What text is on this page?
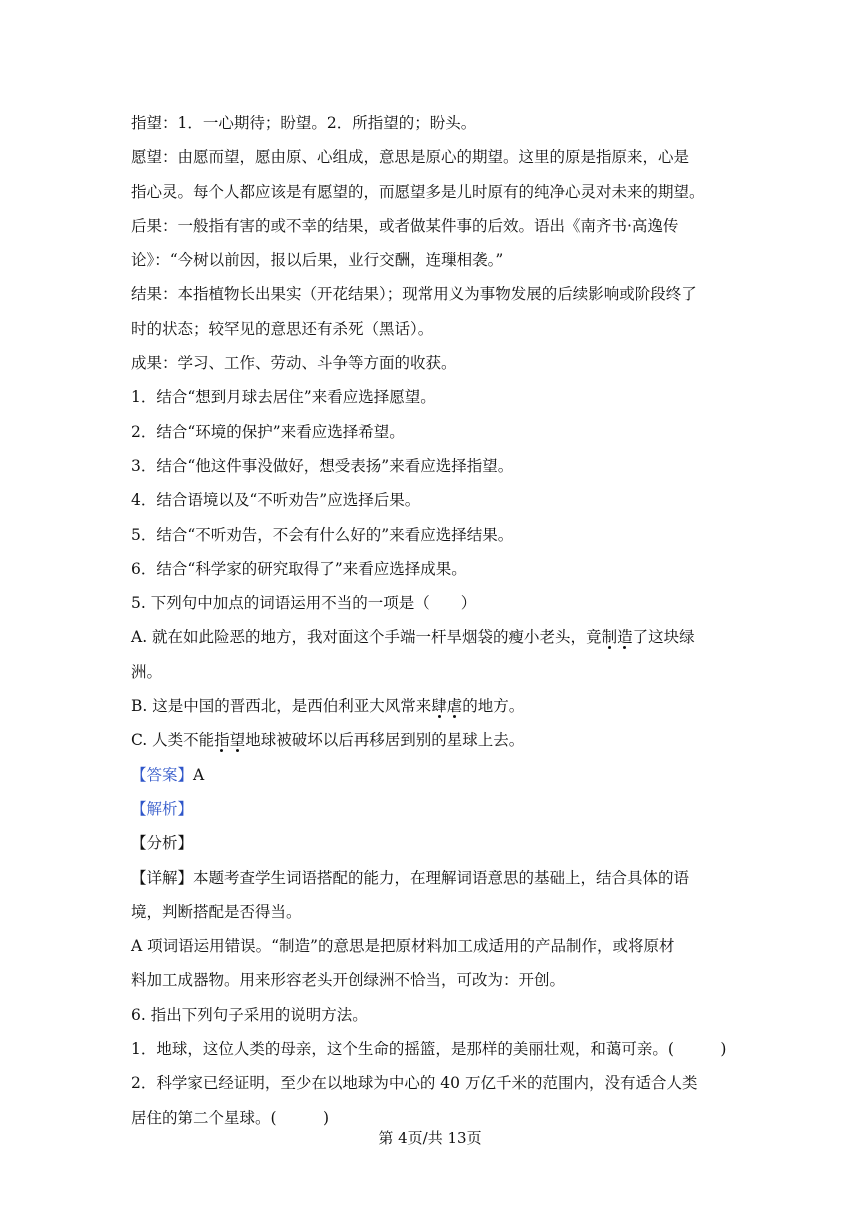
指望：1．一心期待；盼望。2．所指望的；盼头。
愿望：由愿而望，愿由原、心组成，意思是原心的期望。这里的原是指原来，心是
指心灵。每个人都应该是有愿望的，而愿望多是儿时原有的纯净心灵对未来的期望。
后果：一般指有害的或不幸的结果，或者做某件事的后效。语出《南齐书·高逸传
论》：“今树以前因，报以后果，业行交酬，连璅相袭。”
结果：本指植物长出果实（开花结果）；现常用义为事物发展的后续影响或阶段终了
时的状态；较罕见的意思还有杀死（黑话）。
成果：学习、工作、劳动、斗争等方面的收获。
1．结合“想到月球去居住”来看应选择愿望。
2．结合“环境的保护”来看应选择希望。
3．结合“他这件事没做好，想受表扬”来看应选择指望。
4．结合语境以及“不听劝告”应选择后果。
5．结合“不听劝告，不会有什么好的”来看应选择结果。
6．结合“科学家的研究取得了”来看应选择成果。
5. 下列句中加点的词语运用不当的一项是（　　）
A. 就在如此险恶的地方，我对面这个手端一杆旱烟袋的瘦小老头，竟制造了这块绿
洲。
B. 这是中国的晋西北，是西伯利亚大风常来肆虐的地方。
C. 人类不能指望地球被破坏以后再移居到别的星球上去。
【答案】A
【解析】
【分析】
【详解】本题考查学生词语搭配的能力，在理解词语意思的基础上，结合具体的语
境，判断搭配是否得当。
A 项词语运用错误。“制造”的意思是把原材料加工成适用的产品制作，或将原材
料加工成器物。用来形容老头开创绿洲不恰当，可改为：开创。
6. 指出下列句子采用的说明方法。
1．地球，这位人类的母亲，这个生命的摇篮，是那样的美丽壮观，和蔼可亲。(　　　)
2．科学家已经证明，至少在以地球为中心的 40 万亿千米的范围内，没有适合人类
居住的第二个星球。(　　　)
第 4页/共 13页
